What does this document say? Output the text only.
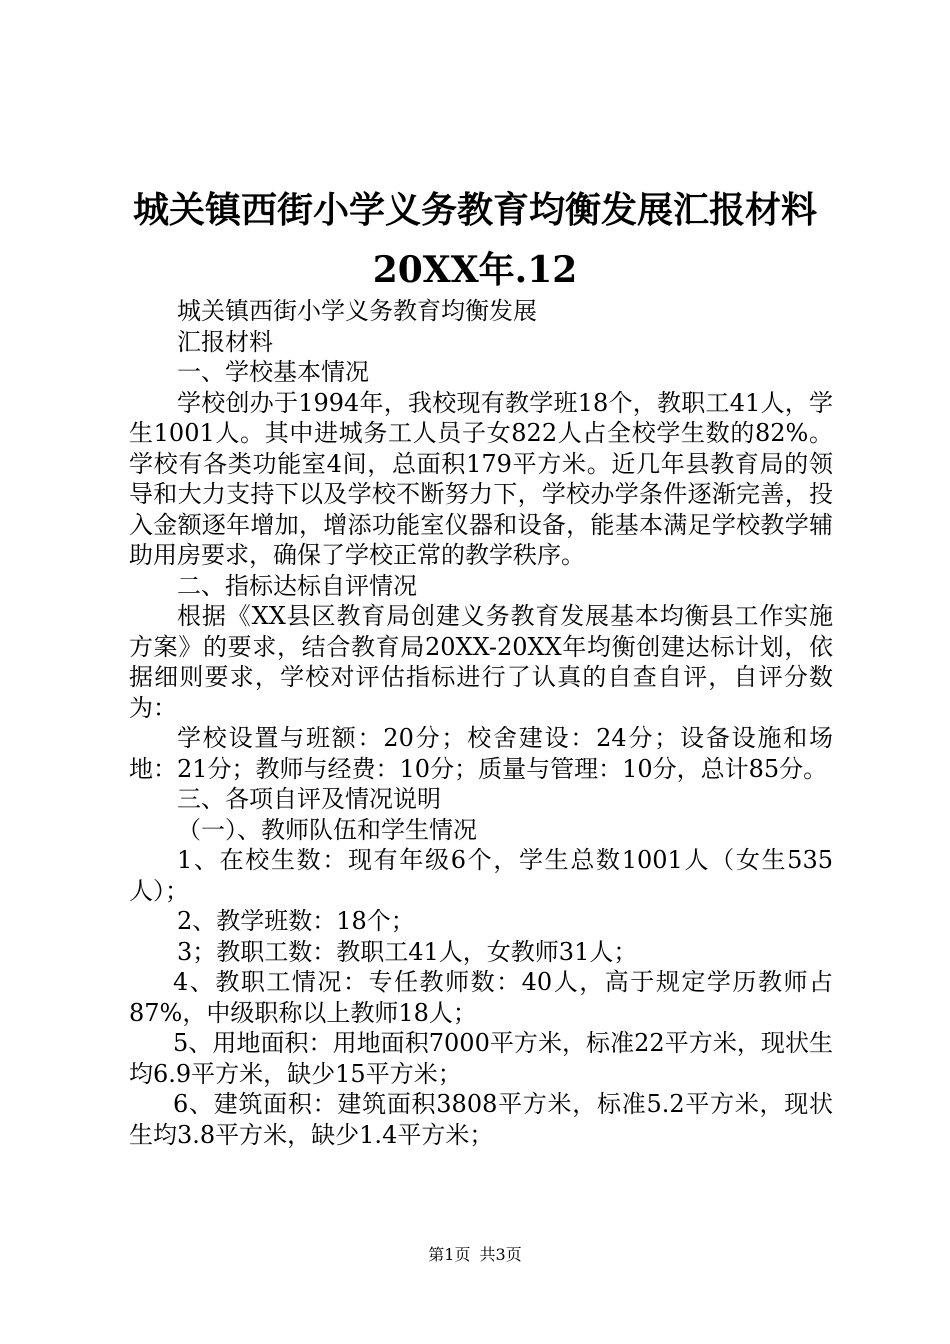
城关镇西街小学义务教育均衡发展汇报材料
20XX年.12

城关镇西街小学义务教育均衡发展

汇报材料

一、学校基本情况

学校创办于1994年，我校现有教学班18个，教职工41人，学生1001人。其中进城务工人员子女822人占全校学生数的82%。学校有各类功能室4间，总面积179平方米。近几年县教育局的领导和大力支持下以及学校不断努力下，学校办学条件逐渐完善，投入金额逐年增加，增添功能室仪器和设备，能基本满足学校教学辅助用房要求，确保了学校正常的教学秩序。

二、指标达标自评情况

根据《XX县区教育局创建义务教育发展基本均衡县工作实施方案》的要求，结合教育局20XX-20XX年均衡创建达标计划，依据细则要求，学校对评估指标进行了认真的自查自评，自评分数为：

学校设置与班额：20分；校舍建设：24分；设备设施和场地：21分；教师与经费：10分；质量与管理：10分，总计85分。

三、各项自评及情况说明

（一）、教师队伍和学生情况

1、在校生数：现有年级6个，学生总数1001人（女生535人）；

2、教学班数：18个；

3；教职工数：教职工41人，女教师31人；

4、教职工情况：专任教师数：40人，高于规定学历教师占87%，中级职称以上教师18人；

5、用地面积：用地面积7000平方米，标准22平方米，现状生均6.9平方米，缺少15平方米；

6、建筑面积：建筑面积3808平方米，标准5.2平方米，现状生均3.8平方米，缺少1.4平方米；

第1页 共3页
